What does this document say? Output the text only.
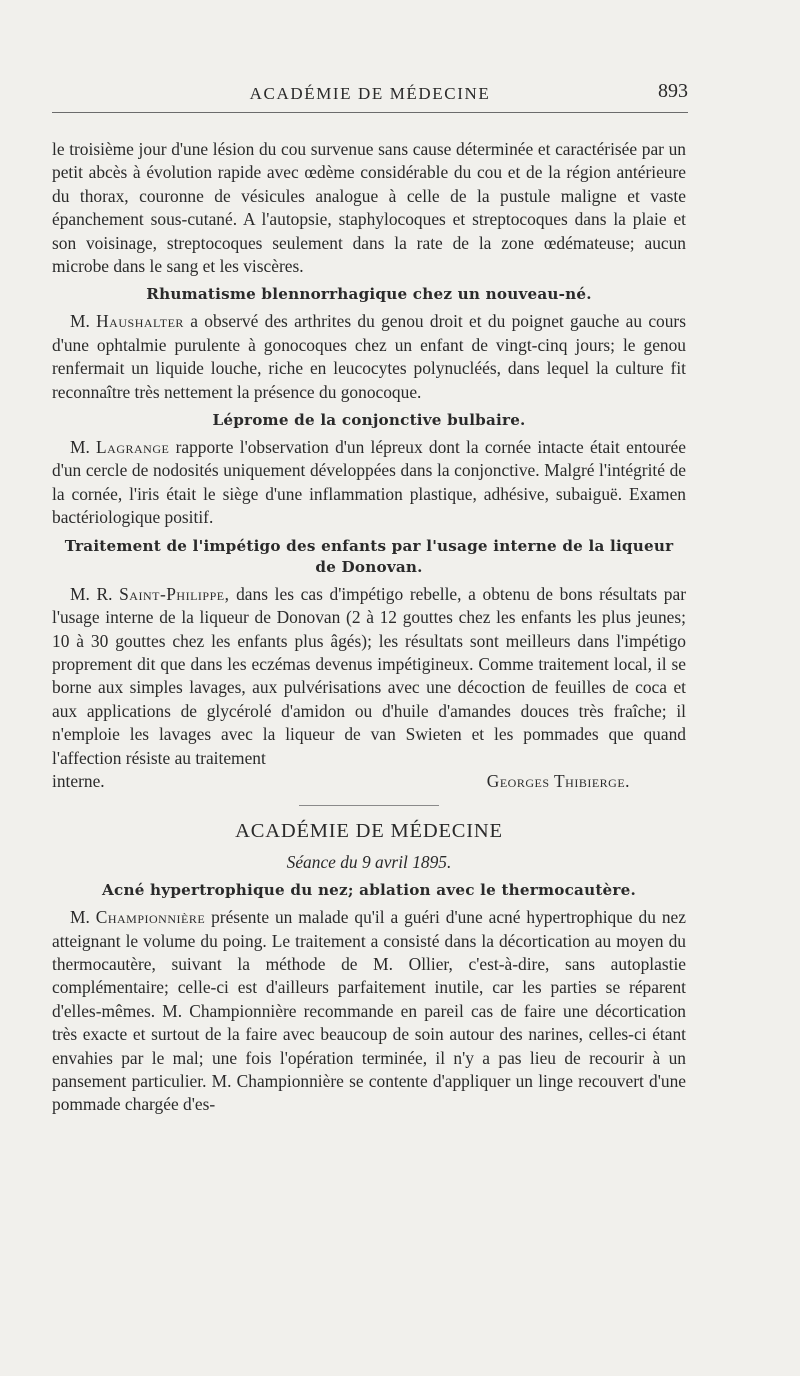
ACADÉMIE DE MÉDECINE	893

le troisième jour d'une lésion du cou survenue sans cause déterminée et caractérisée par un petit abcès à évolution rapide avec œdème considérable du cou et de la région antérieure du thorax, couronne de vésicules analogue à celle de la pustule maligne et vaste épanchement sous-cutané. A l'autopsie, staphylocoques et streptocoques dans la plaie et son voisinage, streptocoques seulement dans la rate de la zone œdémateuse; aucun microbe dans le sang et les viscères.

Rhumatisme blennorrhagique chez un nouveau-né.

M. Haushalter a observé des arthrites du genou droit et du poignet gauche au cours d'une ophtalmie purulente à gonocoques chez un enfant de vingt-cinq jours; le genou renfermait un liquide louche, riche en leucocytes polynucléés, dans lequel la culture fit reconnaître très nettement la présence du gonocoque.

Léprome de la conjonctive bulbaire.

M. Lagrange rapporte l'observation d'un lépreux dont la cornée intacte était entourée d'un cercle de nodosités uniquement développées dans la conjonctive. Malgré l'intégrité de la cornée, l'iris était le siège d'une inflammation plastique, adhésive, subaiguë. Examen bactériologique positif.

Traitement de l'impétigo des enfants par l'usage interne de la liqueur de Donovan.

M. R. Saint-Philippe, dans les cas d'impétigo rebelle, a obtenu de bons résultats par l'usage interne de la liqueur de Donovan (2 à 12 gouttes chez les enfants les plus jeunes; 10 à 30 gouttes chez les enfants plus âgés); les résultats sont meilleurs dans l'impétigo proprement dit que dans les eczémas devenus impétigineux. Comme traitement local, il se borne aux simples lavages, aux pulvérisations avec une décoction de feuilles de coca et aux applications de glycérolé d'amidon ou d'huile d'amandes douces très fraîche; il n'emploie les lavages avec la liqueur de van Swieten et les pommades que quand l'affection résiste au traitement

interne.	Georges Thibierge.
ACADÉMIE DE MÉDECINE
Séance du 9 avril 1895.
Acné hypertrophique du nez; ablation avec le thermocautère.

M. Championnière présente un malade qu'il a guéri d'une acné hypertrophique du nez atteignant le volume du poing. Le traitement a consisté dans la décortication au moyen du thermocautère, suivant la méthode de M. Ollier, c'est-à-dire, sans autoplastie complémentaire; celle-ci est d'ailleurs parfaitement inutile, car les parties se réparent d'elles-mêmes. M. Championnière recommande en pareil cas de faire une décortication très exacte et surtout de la faire avec beaucoup de soin autour des narines, celles-ci étant envahies par le mal; une fois l'opération terminée, il n'y a pas lieu de recourir à un pansement particulier. M. Championnière se contente d'appliquer un linge recouvert d'une pommade chargée d'es-
